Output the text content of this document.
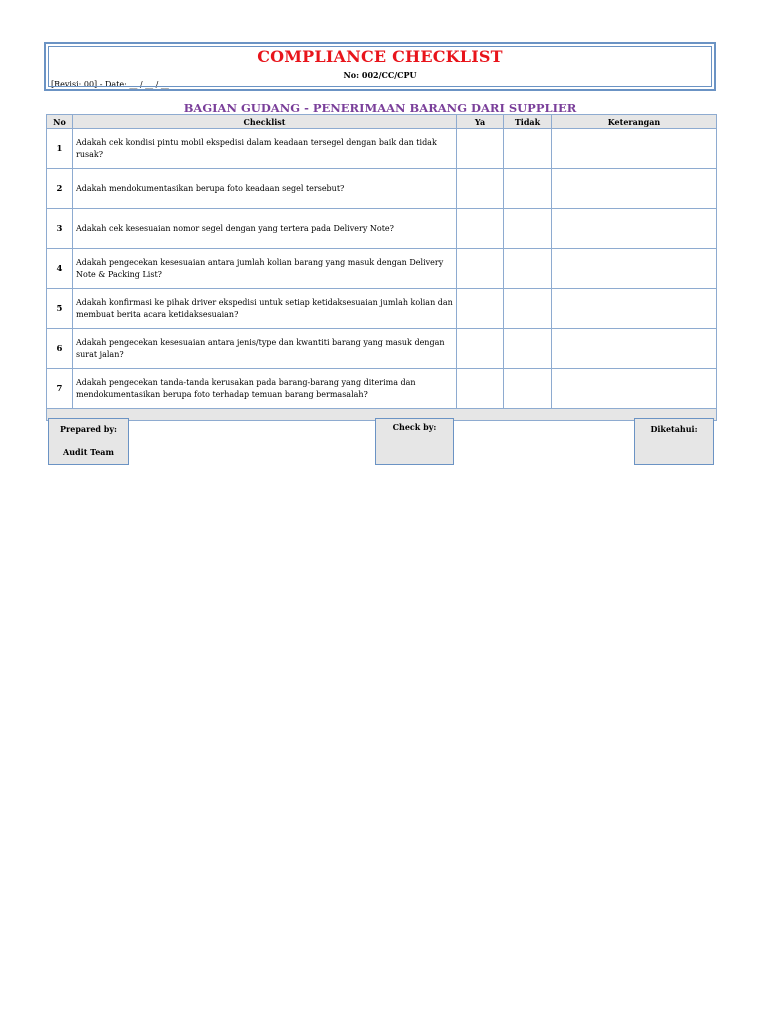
COMPLIANCE CHECKLIST
No: 002/CC/CPU
[Revisi: 00] - Date: __ / __ / __
BAGIAN GUDANG - PENERIMAAN BARANG DARI SUPPLIER
No	Checklist	Ya	Tidak	Keterangan
1	Adakah cek kondisi pintu mobil ekspedisi dalam keadaan tersegel dengan baik dan tidak rusak?			
2	Adakah mendokumentasikan berupa foto keadaan segel tersebut?			
3	Adakah cek kesesuaian nomor segel dengan yang tertera pada Delivery Note?			
4	Adakah pengecekan kesesuaian antara jumlah kolian barang yang masuk dengan Delivery Note & Packing List?			
5	Adakah konfirmasi ke pihak driver ekspedisi untuk setiap ketidaksesuaian jumlah kolian dan membuat berita acara ketidaksesuaian?			
6	Adakah pengecekan kesesuaian antara jenis/type dan kwantiti barang yang masuk dengan surat jalan?			
7	Adakah pengecekan tanda-tanda kerusakan pada barang-barang yang diterima dan mendokumentasikan berupa foto terhadap temuan barang bermasalah?			

Prepared by:
Audit Team
Check by:	Diketahui:
